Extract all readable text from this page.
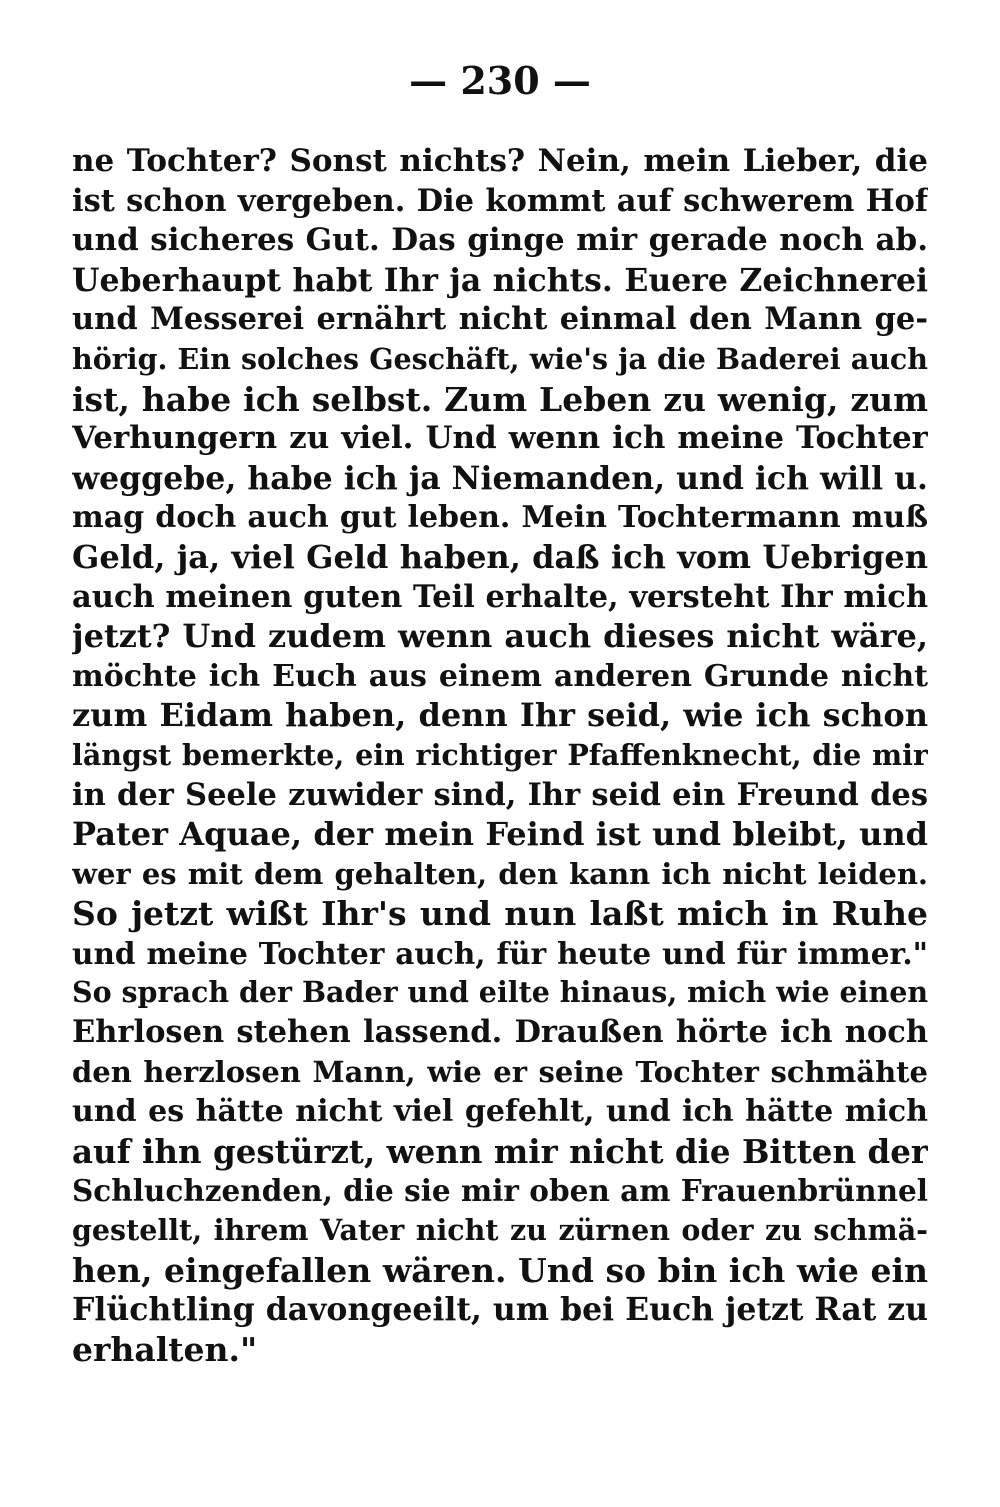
— 230 —
ne Tochter? Sonst nichts? Nein, mein Lieber, die
ist schon vergeben. Die kommt auf schwerem Hof
und sicheres Gut. Das ginge mir gerade noch ab.
Ueberhaupt habt Ihr ja nichts. Euere Zeichnerei
und Messerei ernährt nicht einmal den Mann ge-
hörig. Ein solches Geschäft, wie's ja die Baderei auch
ist, habe ich selbst. Zum Leben zu wenig, zum
Verhungern zu viel. Und wenn ich meine Tochter
weggebe, habe ich ja Niemanden, und ich will u.
mag doch auch gut leben. Mein Tochtermann muß
Geld, ja, viel Geld haben, daß ich vom Uebrigen
auch meinen guten Teil erhalte, versteht Ihr mich
jetzt? Und zudem wenn auch dieses nicht wäre,
möchte ich Euch aus einem anderen Grunde nicht
zum Eidam haben, denn Ihr seid, wie ich schon
längst bemerkte, ein richtiger Pfaffenknecht, die mir
in der Seele zuwider sind, Ihr seid ein Freund des
Pater Aquae, der mein Feind ist und bleibt, und
wer es mit dem gehalten, den kann ich nicht leiden.
So jetzt wißt Ihr's und nun laßt mich in Ruhe
und meine Tochter auch, für heute und für immer."
So sprach der Bader und eilte hinaus, mich wie einen
Ehrlosen stehen lassend. Draußen hörte ich noch
den herzlosen Mann, wie er seine Tochter schmähte
und es hätte nicht viel gefehlt, und ich hätte mich
auf ihn gestürzt, wenn mir nicht die Bitten der
Schluchzenden, die sie mir oben am Frauenbrünnel
gestellt, ihrem Vater nicht zu zürnen oder zu schmä-
hen, eingefallen wären. Und so bin ich wie ein
Flüchtling davongeeilt, um bei Euch jetzt Rat zu
erhalten."
